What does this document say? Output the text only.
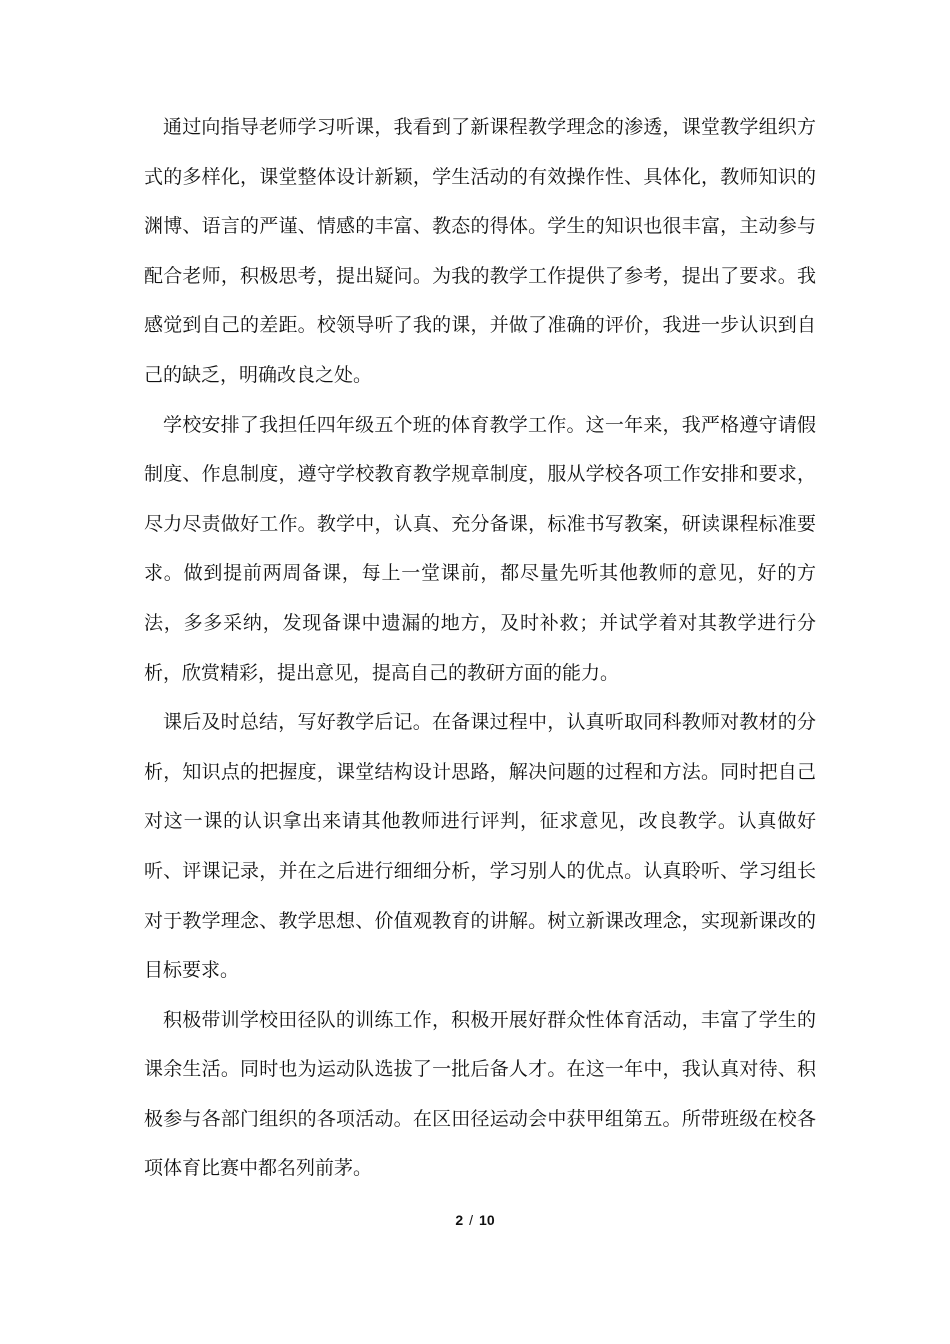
通过向指导老师学习听课，我看到了新课程教学理念的渗透，课堂教学组织方式的多样化，课堂整体设计新颖，学生活动的有效操作性、具体化，教师知识的渊博、语言的严谨、情感的丰富、教态的得体。学生的知识也很丰富，主动参与配合老师，积极思考，提出疑问。为我的教学工作提供了参考，提出了要求。我感觉到自己的差距。校领导听了我的课，并做了准确的评价，我进一步认识到自己的缺乏，明确改良之处。

学校安排了我担任四年级五个班的体育教学工作。这一年来，我严格遵守请假制度、作息制度，遵守学校教育教学规章制度，服从学校各项工作安排和要求，尽力尽责做好工作。教学中，认真、充分备课，标准书写教案，研读课程标准要求。做到提前两周备课，每上一堂课前，都尽量先听其他教师的意见，好的方法，多多采纳，发现备课中遗漏的地方，及时补救；并试学着对其教学进行分析，欣赏精彩，提出意见，提高自己的教研方面的能力。

课后及时总结，写好教学后记。在备课过程中，认真听取同科教师对教材的分析，知识点的把握度，课堂结构设计思路，解决问题的过程和方法。同时把自己对这一课的认识拿出来请其他教师进行评判，征求意见，改良教学。认真做好听、评课记录，并在之后进行细细分析，学习别人的优点。认真聆听、学习组长对于教学理念、教学思想、价值观教育的讲解。树立新课改理念，实现新课改的目标要求。

积极带训学校田径队的训练工作，积极开展好群众性体育活动，丰富了学生的课余生活。同时也为运动队选拔了一批后备人才。在这一年中，我认真对待、积极参与各部门组织的各项活动。在区田径运动会中获甲组第五。所带班级在校各项体育比赛中都名列前茅。

2 / 10
